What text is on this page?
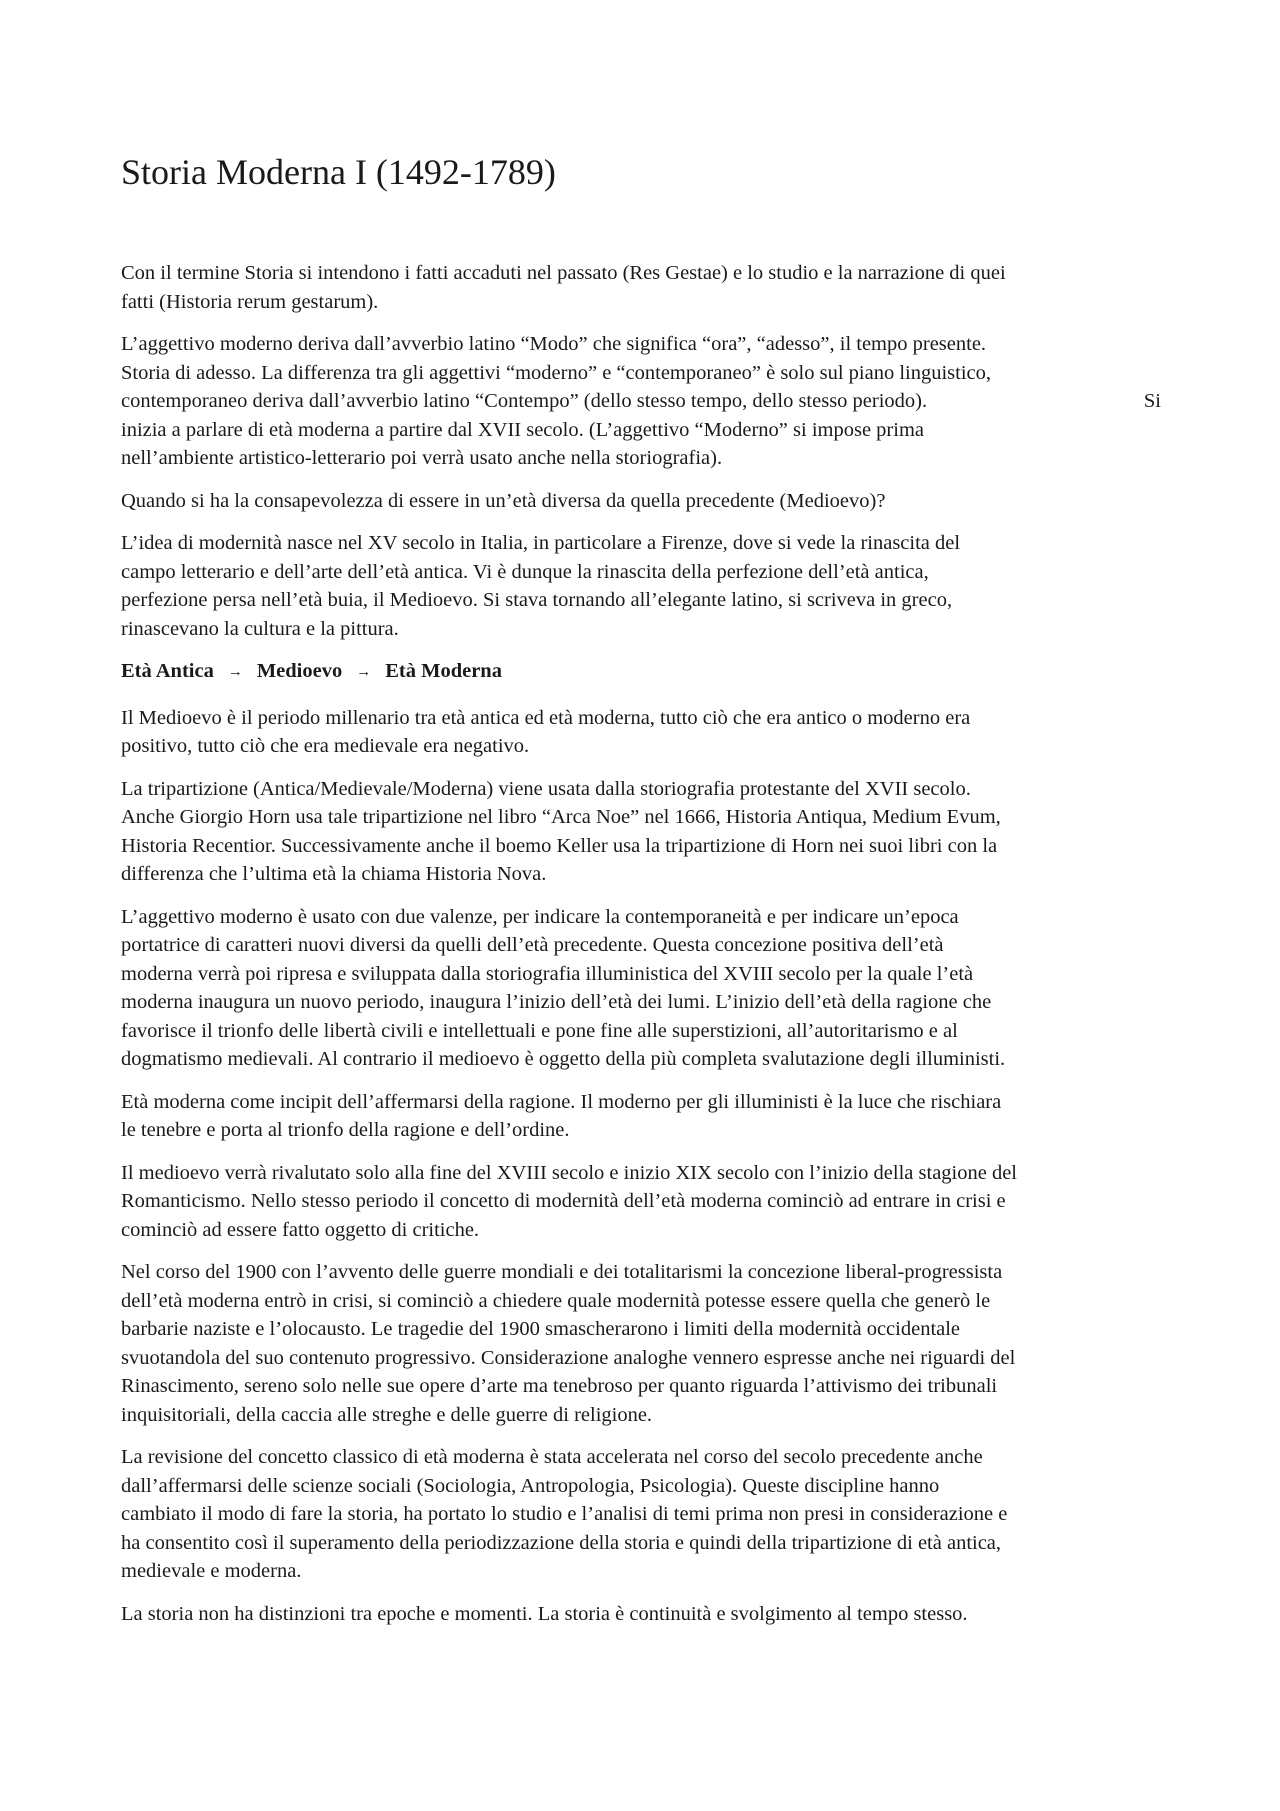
Storia Moderna I (1492-1789)

Con il termine Storia si intendono i fatti accaduti nel passato (Res Gestae) e lo studio e la narrazione di quei
fatti (Historia rerum gestarum).

L’aggettivo moderno deriva dall’avverbio latino “Modo” che significa “ora”, “adesso”, il tempo presente.
Storia di adesso. La differenza tra gli aggettivi “moderno” e “contemporaneo” è solo sul piano linguistico,
contemporaneo deriva dall’avverbio latino “Contempo” (dello stesso tempo, dello stesso periodo).	Si
inizia a parlare di età moderna a partire dal XVII secolo. (L’aggettivo “Moderno” si impose prima
nell’ambiente artistico-letterario poi verrà usato anche nella storiografia).

Quando si ha la consapevolezza di essere in un’età diversa da quella precedente (Medioevo)?

L’idea di modernità nasce nel XV secolo in Italia, in particolare a Firenze, dove si vede la rinascita del
campo letterario e dell’arte dell’età antica. Vi è dunque la rinascita della perfezione dell’età antica,
perfezione persa nell’età buia, il Medioevo. Si stava tornando all’elegante latino, si scriveva in greco,
rinascevano la cultura e la pittura.

Età Antica → Medioevo → Età Moderna

Il Medioevo è il periodo millenario tra età antica ed età moderna, tutto ciò che era antico o moderno era
positivo, tutto ciò che era medievale era negativo.

La tripartizione (Antica/Medievale/Moderna) viene usata dalla storiografia protestante del XVII secolo.
Anche Giorgio Horn usa tale tripartizione nel libro “Arca Noe” nel 1666, Historia Antiqua, Medium Evum,
Historia Recentior. Successivamente anche il boemo Keller usa la tripartizione di Horn nei suoi libri con la
differenza che l’ultima età la chiama Historia Nova.

L’aggettivo moderno è usato con due valenze, per indicare la contemporaneità e per indicare un’epoca
portatrice di caratteri nuovi diversi da quelli dell’età precedente. Questa concezione positiva dell’età
moderna verrà poi ripresa e sviluppata dalla storiografia illuministica del XVIII secolo per la quale l’età
moderna inaugura un nuovo periodo, inaugura l’inizio dell’età dei lumi. L’inizio dell’età della ragione che
favorisce il trionfo delle libertà civili e intellettuali e pone fine alle superstizioni, all’autoritarismo e al
dogmatismo medievali. Al contrario il medioevo è oggetto della più completa svalutazione degli illuministi.

Età moderna come incipit dell’affermarsi della ragione. Il moderno per gli illuministi è la luce che rischiara
le tenebre e porta al trionfo della ragione e dell’ordine.

Il medioevo verrà rivalutato solo alla fine del XVIII secolo e inizio XIX secolo con l’inizio della stagione del
Romanticismo. Nello stesso periodo il concetto di modernità dell’età moderna cominciò ad entrare in crisi e
cominciò ad essere fatto oggetto di critiche.

Nel corso del 1900 con l’avvento delle guerre mondiali e dei totalitarismi la concezione liberal-progressista
dell’età moderna entrò in crisi, si cominciò a chiedere quale modernità potesse essere quella che generò le
barbarie naziste e l’olocausto. Le tragedie del 1900 smascherarono i limiti della modernità occidentale
svuotandola del suo contenuto progressivo. Considerazione analoghe vennero espresse anche nei riguardi del
Rinascimento, sereno solo nelle sue opere d’arte ma tenebroso per quanto riguarda l’attivismo dei tribunali
inquisitoriali, della caccia alle streghe e delle guerre di religione.

La revisione del concetto classico di età moderna è stata accelerata nel corso del secolo precedente anche
dall’affermarsi delle scienze sociali (Sociologia, Antropologia, Psicologia). Queste discipline hanno
cambiato il modo di fare la storia, ha portato lo studio e l’analisi di temi prima non presi in considerazione e
ha consentito così il superamento della periodizzazione della storia e quindi della tripartizione di età antica,
medievale e moderna.

La storia non ha distinzioni tra epoche e momenti. La storia è continuità e svolgimento al tempo stesso.
